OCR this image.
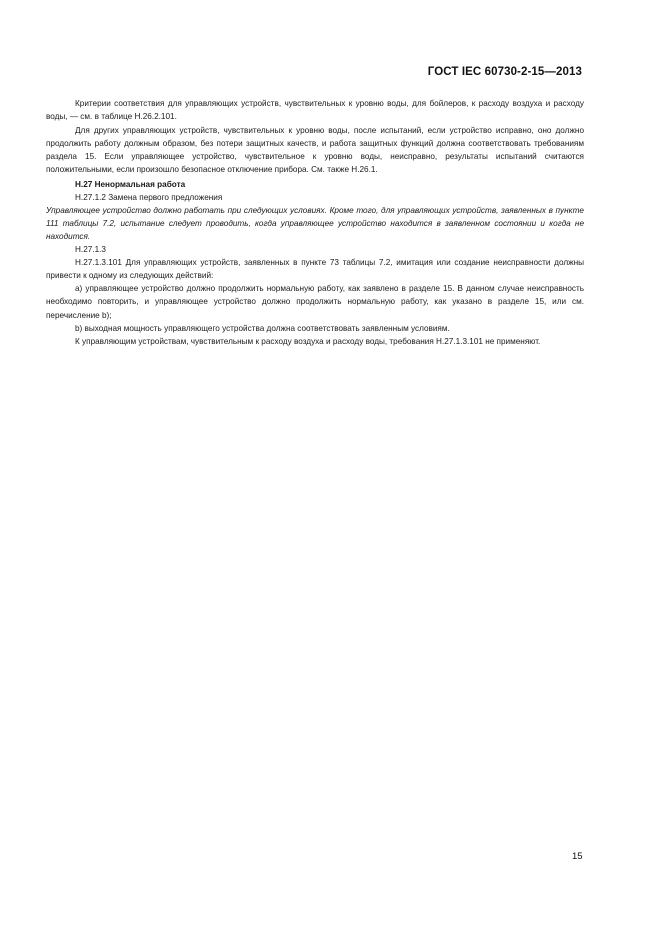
ГОСТ IEC 60730-2-15—2013

Критерии соответствия для управляющих устройств, чувствительных к уровню воды, для бойлеров, к расходу воздуха и расходу воды, — см. в таблице Н.26.2.101.

Для других управляющих устройств, чувствительных к уровню воды, после испытаний, если устройство исправно, оно должно продолжить работу должным образом, без потери защитных качеств, и работа защитных функций должна соответствовать требованиям раздела 15. Если управляющее устройство, чувствительное к уровню воды, неисправно, результаты испытаний считаются положительными, если произошло безопасное отключение прибора. См. также Н.26.1.

Н.27 Ненормальная работа

Н.27.1.2 Замена первого предложения

Управляющее устройство должно работать при следующих условиях. Кроме того, для управляющих устройств, заявленных в пункте 111 таблицы 7.2, испытание следует проводить, когда управляющее устройство находится в заявленном состоянии и когда не находится.

Н.27.1.3

Н.27.1.3.101 Для управляющих устройств, заявленных в пункте 73 таблицы 7.2, имитация или создание неисправности должны привести к одному из следующих действий:

a) управляющее устройство должно продолжить нормальную работу, как заявлено в разделе 15. В данном случае неисправность необходимо повторить, и управляющее устройство должно продолжить нормальную работу, как указано в разделе 15, или см. перечисление b);

b) выходная мощность управляющего устройства должна соответствовать заявленным условиям.

К управляющим устройствам, чувствительным к расходу воздуха и расходу воды, требования Н.27.1.3.101 не применяют.

15
